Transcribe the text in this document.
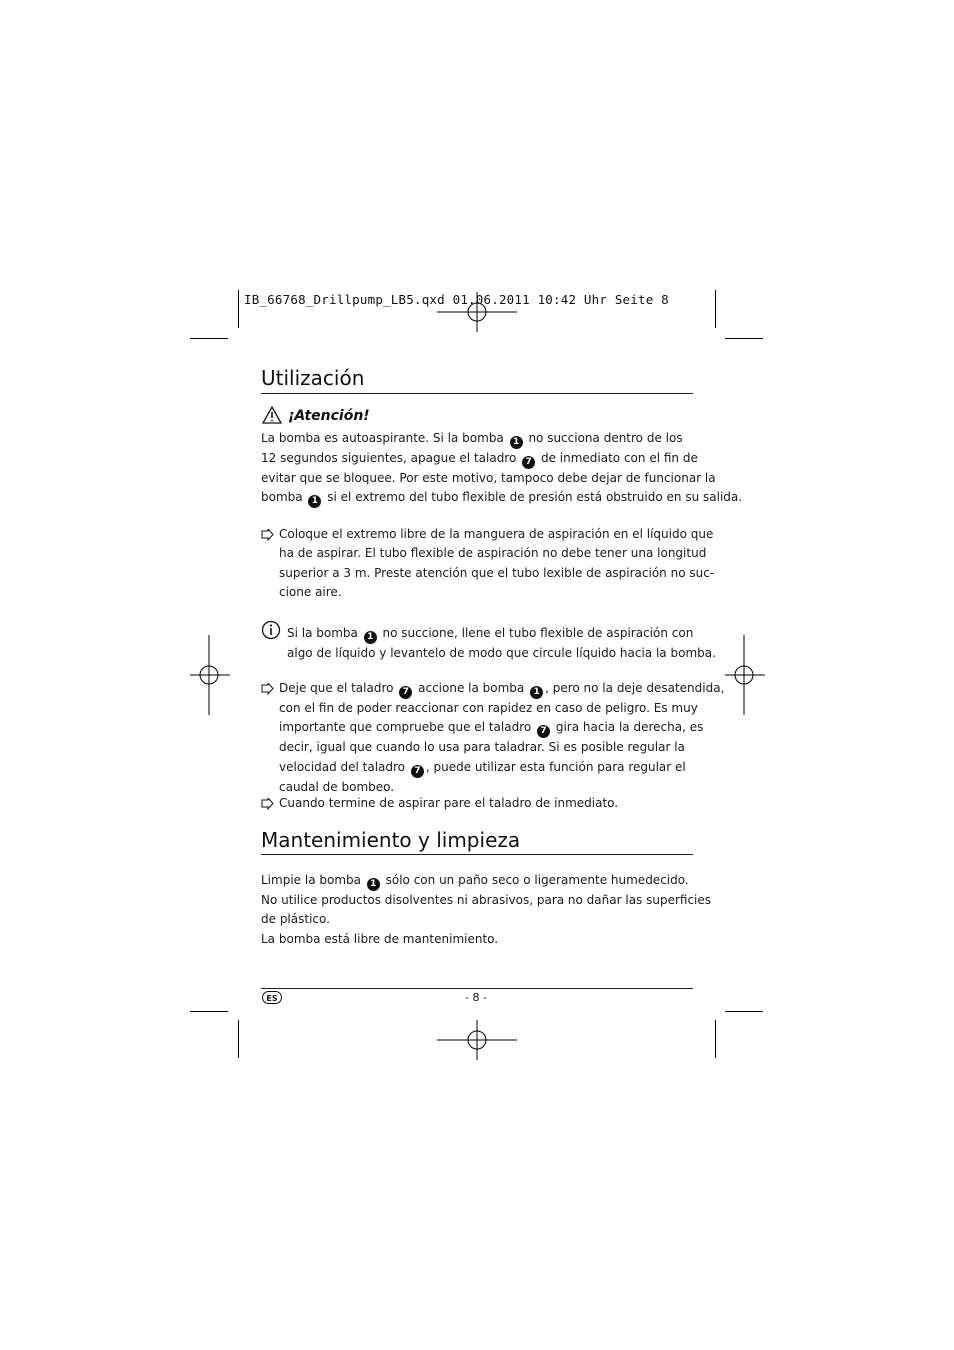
IB_66768_Drillpump_LB5.qxd 01.06.2011 10:42 Uhr Seite 8
Utilización
¡Atención!
La bomba es autoaspirante. Si la bomba 1 no succiona dentro de los
12 segundos siguientes, apague el taladro 7 de inmediato con el fin de
evitar que se bloquee. Por este motivo, tampoco debe dejar de funcionar la
bomba 1 si el extremo del tubo flexible de presión está obstruido en su salida.
Coloque el extremo libre de la manguera de aspiración en el líquido que
ha de aspirar. El tubo flexible de aspiración no debe tener una longitud
superior a 3 m. Preste atención que el tubo lexible de aspiración no suc-
cione aire.
Si la bomba 1 no succione, llene el tubo flexible de aspiración con
algo de líquido y levantelo de modo que circule líquido hacia la bomba.
Deje que el taladro 7 accione la bomba 1 , pero no la deje desatendida,
con el fin de poder reaccionar con rapidez en caso de peligro. Es muy
importante que compruebe que el taladro 7 gira hacia la derecha, es
decir, igual que cuando lo usa para taladrar. Si es posible regular la
velocidad del taladro 7 , puede utilizar esta función para regular el
caudal de bombeo.
Cuando termine de aspirar pare el taladro de inmediato.
Mantenimiento y limpieza
Limpie la bomba 1 sólo con un paño seco o ligeramente humedecido.
No utilice productos disolventes ni abrasivos, para no dañar las superficies
de plástico.
La bomba está libre de mantenimiento.
ES	- 8 -
